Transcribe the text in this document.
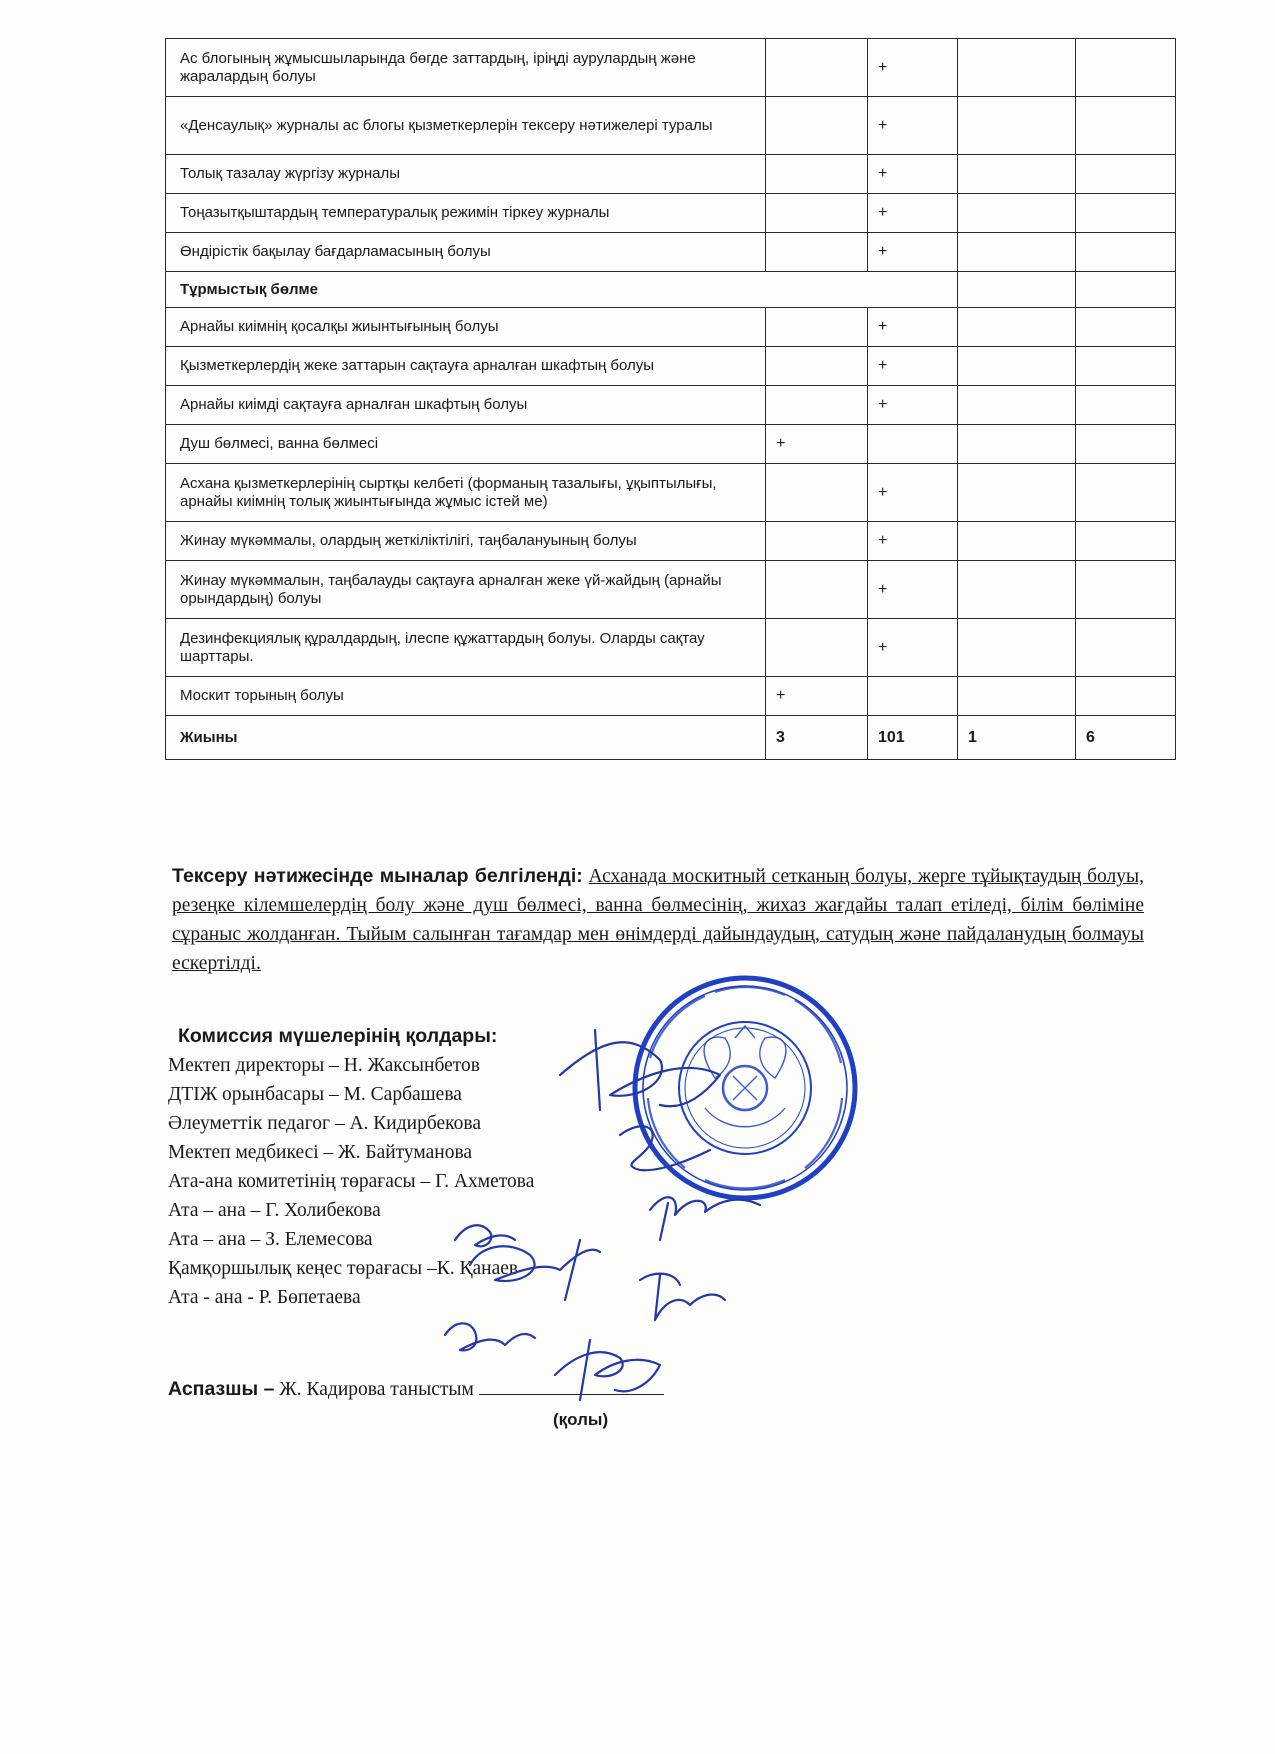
Ас блогының жұмысшыларында бөгде заттардың, іріңді аурулардың және жаралардың болуы		+		
«Денсаулық» журналы ас блогы қызметкерлерін тексеру нәтижелері туралы		+		
Толық тазалау жүргізу журналы		+		
Тоңазытқыштардың температуралық режимін тіркеу журналы		+		
Өндірістік бақылау бағдарламасының болуы		+		
Тұрмыстық бөлме				
Арнайы киімнің қосалқы жиынтығының болуы		+		
Қызметкерлердің жеке заттарын сақтауға арналған шкафтың болуы		+		
Арнайы киімді сақтауға арналған шкафтың болуы		+		
Душ бөлмесі, ванна бөлмесі	+			
Асхана қызметкерлерінің сыртқы келбеті (форманың тазалығы, ұқыптылығы, арнайы киімнің толық жиынтығында жұмыс істей ме)		+		
Жинау мүкәммалы, олардың жеткіліктілігі, таңбалануының болуы		+		
Жинау мүкәммалын, таңбалауды сақтауға арналған жеке үй-жайдың (арнайы орындардың) болуы		+		
Дезинфекциялық құралдардың, ілеспе құжаттардың болуы. Оларды сақтау шарттары.		+		
Москит торының болуы	+			
Жиыны	3	101	1	6
Тексеру нәтижесінде мыналар белгіленді: Асханада москитный сетканың болуы, жерге тұйықтаудың болуы, резеңке кілемшелердің болу және душ бөлмесі, ванна бөлмесінің, жихаз жағдайы талап етіледі, білім бөліміне сұраныс жолданған. Тыйым салынған тағамдар мен өнімдерді дайындаудың, сатудың және пайдаланудың болмауы ескертілді.
Комиссия мүшелерінің қолдары:
Мектеп директоры – Н. Жаксынбетов
ДТІЖ орынбасары – М. Сарбашева
Әлеуметтік педагог – А. Кидирбекова
Мектеп медбикесі – Ж. Байтуманова
Ата-ана комитетінің төрағасы – Г. Ахметова
Ата – ана – Г. Холибекова
Ата – ана – З. Елемесова
Қамқоршылық кеңес төрағасы –К. Қанаев
Ата - ана - Р. Бөпетаева
Аспазшы – Ж. Кадирова таныстым
(қолы)
